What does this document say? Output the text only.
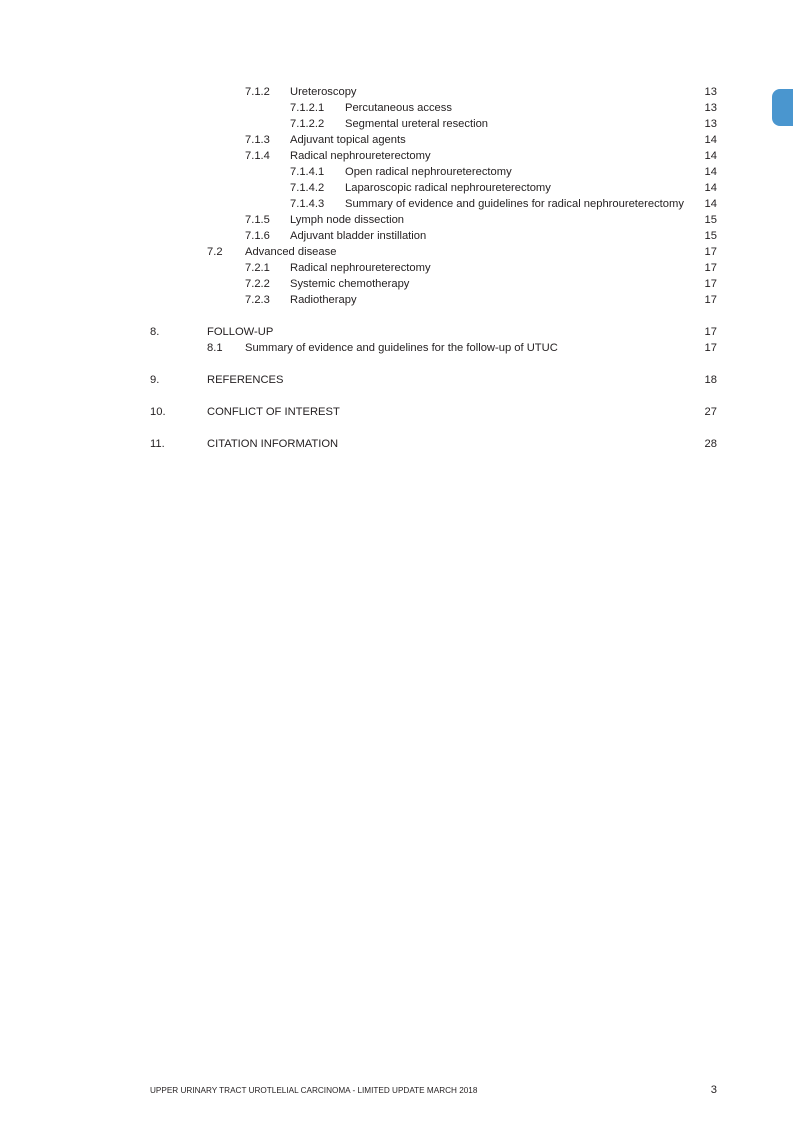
7.1.2 Ureteroscopy	13
7.1.2.1 Percutaneous access	13
7.1.2.2 Segmental ureteral resection	13
7.1.3 Adjuvant topical agents	14
7.1.4 Radical nephroureterectomy	14
7.1.4.1 Open radical nephroureterectomy	14
7.1.4.2 Laparoscopic radical nephroureterectomy	14
7.1.4.3 Summary of evidence and guidelines for radical nephroureterectomy 14
7.1.5 Lymph node dissection	15
7.1.6 Adjuvant bladder instillation	15
7.2 Advanced disease	17
7.2.1 Radical nephroureterectomy	17
7.2.2 Systemic chemotherapy	17
7.2.3 Radiotherapy	17
8.	FOLLOW-UP	17
8.1 Summary of evidence and guidelines for the follow-up of UTUC	17
9.	REFERENCES	18
10.	CONFLICT OF INTEREST	27
11.	CITATION INFORMATION	28
UPPER URINARY TRACT UROTLELIAL CARCINOMA - LIMITED UPDATE MARCH 2018	3
